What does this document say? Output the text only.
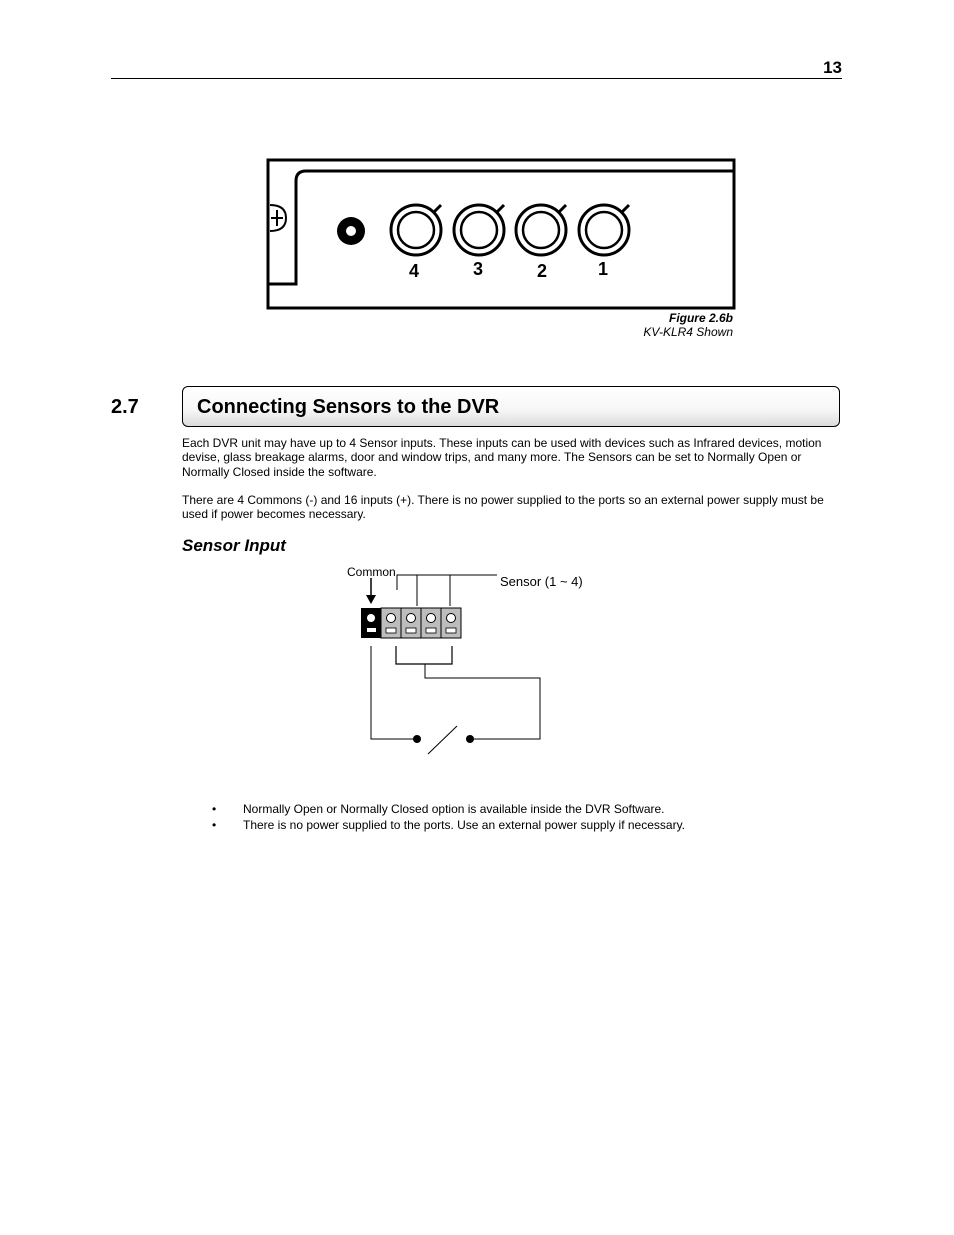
13
4	3	2	1
Figure 2.6b
KV-KLR4 Shown
2.7	Connecting Sensors to the DVR

Each DVR unit may have up to 4 Sensor inputs. These inputs can be used with devices such as Infrared devices, motion devise, glass breakage alarms, door and window trips, and many more. The Sensors can be set to Normally Open or Normally Closed inside the software.

There are 4 Commons (-) and 16 inputs (+). There is no power supplied to the ports so an external power supply must be used if power becomes necessary.

Sensor Input
Common
Sensor (1 ~ 4)
• Normally Open or Normally Closed option is available inside the DVR Software.
• There is no power supplied to the ports. Use an external power supply if necessary.
